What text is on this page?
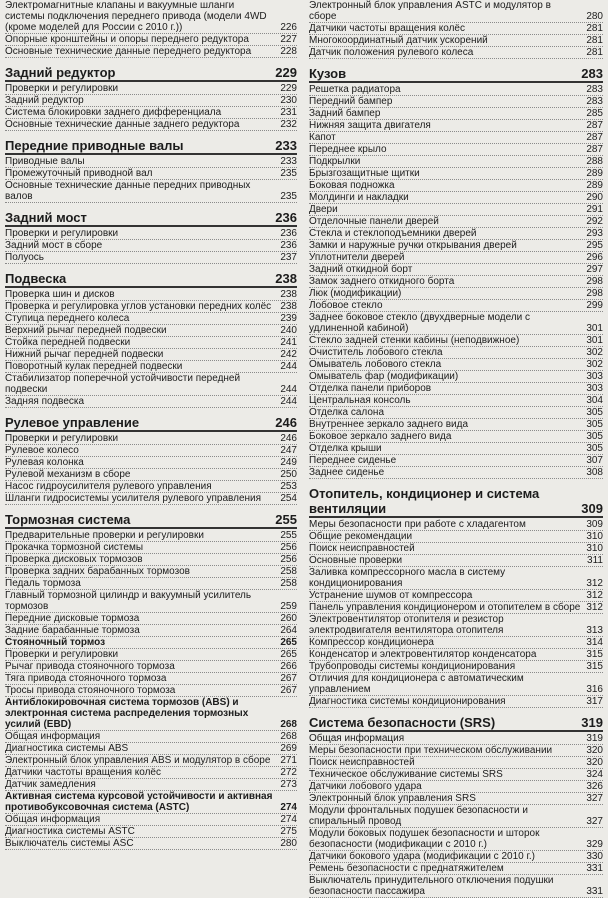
Электромагнитные клапаны и вакуумные шланги системы подключения переднего привода (модели 4WD (кроме моделей для России с 2010 г.))	226
Опорные кронштейны и опоры переднего редуктора	227
Основные технические данные переднего редуктора	228
Задний редуктор	229
Проверки и регулировки	229
Задний редуктор	230
Система блокировки заднего дифференциала	231
Основные технические данные заднего редуктора	232
Передние приводные валы	233
Приводные валы	233
Промежуточный приводной вал	235
Основные технические данные передних приводных валов	235
Задний мост	236
Проверки и регулировки	236
Задний мост в сборе	236
Полуось	237
Подвеска	238
Проверка шин и дисков	238
Проверка и регулировка углов установки передних колёс 238
Ступица переднего колеса	239
Верхний рычаг передней подвески	240
Стойка передней подвески	241
Нижний рычаг передней подвески	242
Поворотный кулак передней подвески	244
Стабилизатор поперечной устойчивости передней подвески	244
Задняя подвеска	244
Рулевое управление	246
Проверки и регулировки	246
Рулевое колесо	247
Рулевая колонка	249
Рулевой механизм в сборе	250
Насос гидроусилителя рулевого управления	253
Шланги гидросистемы усилителя рулевого управления	254
Тормозная система	255
Предварительные проверки и регулировки	255
Прокачка тормозной системы	256
Проверка дисковых тормозов	256
Проверка задних барабанных тормозов	258
Педаль тормоза	258
Главный тормозной цилиндр и вакуумный усилитель тормозов	259
Передние дисковые тормоза	260
Задние барабанные тормоза	264
Стояночный тормоз	265
Проверки и регулировки	265
Рычаг привода стояночного тормоза	266
Тяга привода стояночного тормоза	267
Тросы привода стояночного тормоза	267
Антиблокировочная система тормозов (ABS) и электронная система распределения тормозных усилий (EBD)	268
Общая информация	268
Диагностика системы ABS	269
Электронный блок управления ABS и модулятор в сборе 271
Датчики частоты вращения колёс	272
Датчик замедления	273
Активная система курсовой устойчивости и активная противобуксовочная система (ASTC)	274
Общая информация	274
Диагностика системы ASTC	275
Выключатель системы ASC	280
Электронный блок управления ASTC и модулятор в сборе	280
Датчики частоты вращения колёс	281
Многокоординатный датчик ускорений	281
Датчик положения рулевого колеса	281
Кузов	283
Решетка радиатора	283
Передний бампер	283
Задний бампер	285
Нижняя защита двигателя	287
Капот	287
Переднее крыло	287
Подкрылки	288
Брызгозащитные щитки	289
Боковая подножка	289
Молдинги и накладки	290
Двери	291
Отделочные панели дверей	292
Стекла и стеклоподъемники дверей	293
Замки и наружные ручки открывания дверей	295
Уплотнители дверей	296
Задний откидной борт	297
Замок заднего откидного борта	298
Люк (модификации)	298
Лобовое стекло	299
Заднее боковое стекло (двухдверные модели с удлиненной кабиной)	301
Стекло задней стенки кабины (неподвижное)	301
Очиститель лобового стекла	302
Омыватель лобового стекла	302
Омыватель фар (модификации)	303
Отделка панели приборов	303
Центральная консоль	304
Отделка салона	305
Внутреннее зеркало заднего вида	305
Боковое зеркало заднего вида	305
Отделка крыши	305
Переднее сиденье	307
Заднее сиденье	308
Отопитель, кондиционер и система вентиляции	309
Меры безопасности при работе с хладагентом	309
Общие рекомендации	310
Поиск неисправностей	310
Основные проверки	311
Заливка компрессорного масла в систему кондиционирования	312
Устранение шумов от компрессора	312
Панель управления кондиционером и отопителем в сборе 312
Электровентилятор отопителя и резистор электродвигателя вентилятора отопителя	313
Компрессор кондиционера	314
Конденсатор и электровентилятор конденсатора	315
Трубопроводы системы кондиционирования	315
Отличия для кондиционера с автоматическим управлением	316
Диагностика системы кондиционирования	317
Система безопасности (SRS)	319
Общая информация	319
Меры безопасности при техническом обслуживании	320
Поиск неисправностей	320
Техническое обслуживание системы SRS	324
Датчики лобового удара	326
Электронный блок управления SRS	327
Модули фронтальных подушек безопасности и спиральный провод	327
Модули боковых подушек безопасности и шторок безопасности (модификации с 2010 г.)	329
Датчики бокового удара (модификации с 2010 г.)	330
Ремень безопасности с преднатяжителем	331
Выключатель принудительного отключения подушки безопасности пассажира	331
